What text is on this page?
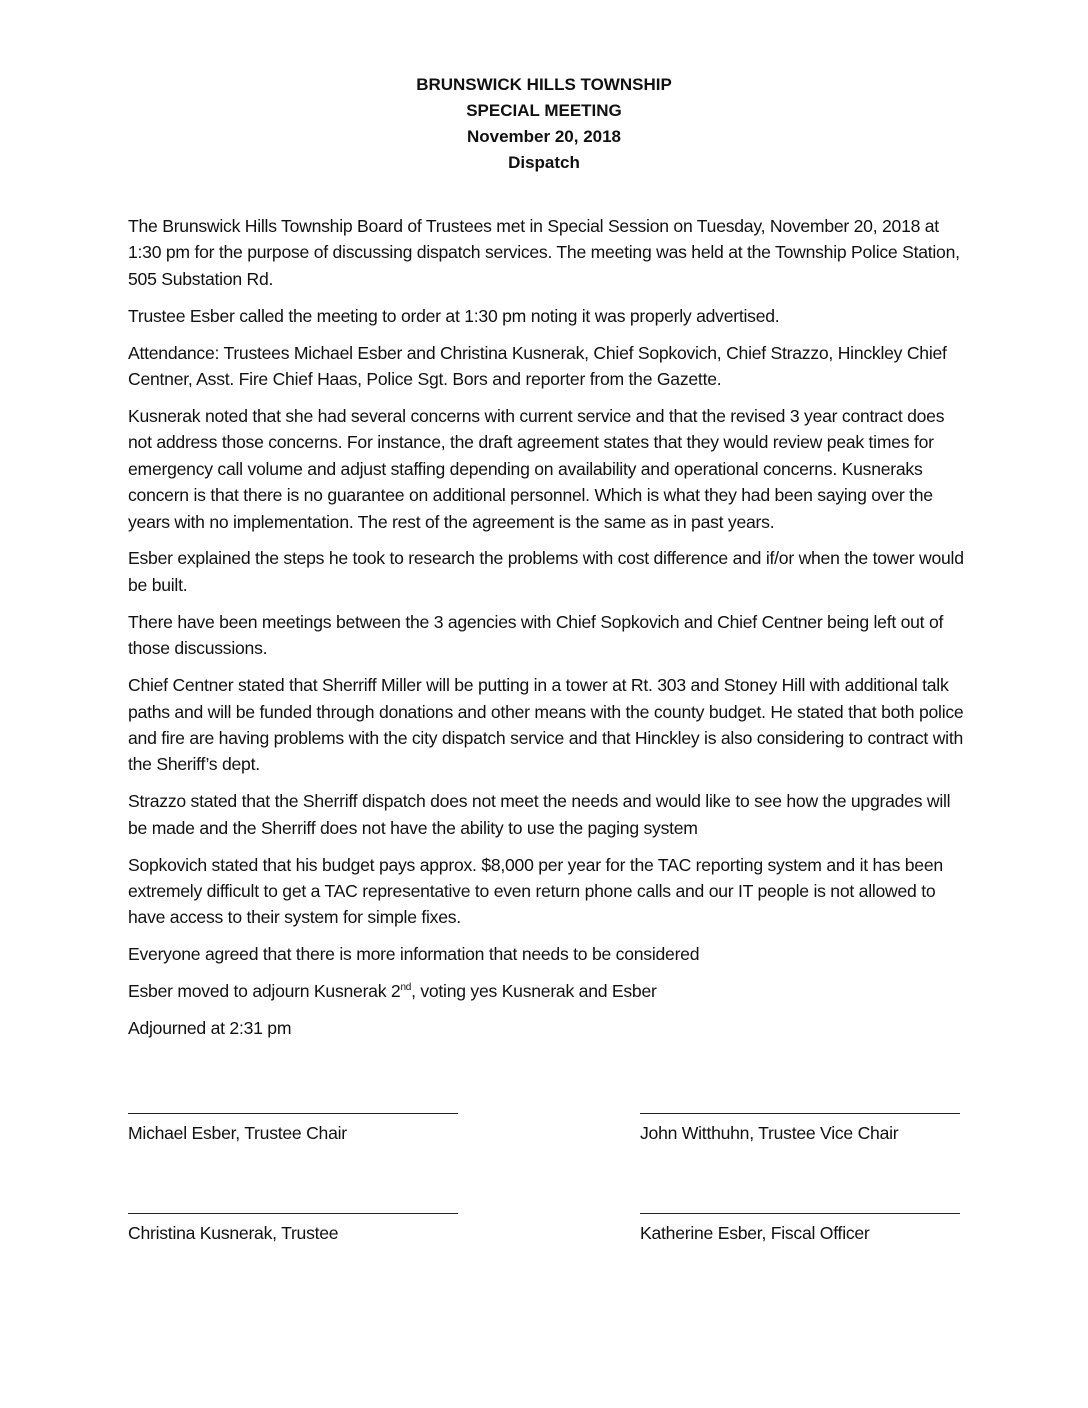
BRUNSWICK HILLS TOWNSHIP
SPECIAL MEETING
November 20, 2018
Dispatch

The Brunswick Hills Township Board of Trustees met in Special Session on Tuesday, November 20, 2018 at 1:30 pm for the purpose of discussing dispatch services. The meeting was held at the Township Police Station, 505 Substation Rd.

Trustee Esber called the meeting to order at 1:30 pm noting it was properly advertised.

Attendance: Trustees Michael Esber and Christina Kusnerak, Chief Sopkovich, Chief Strazzo, Hinckley Chief Centner, Asst. Fire Chief Haas, Police Sgt. Bors and reporter from the Gazette.

Kusnerak noted that she had several concerns with current service and that the revised 3 year contract does not address those concerns. For instance, the draft agreement states that they would review peak times for emergency call volume and adjust staffing depending on availability and operational concerns. Kusneraks concern is that there is no guarantee on additional personnel. Which is what they had been saying over the years with no implementation. The rest of the agreement is the same as in past years.

Esber explained the steps he took to research the problems with cost difference and if/or when the tower would be built.

There have been meetings between the 3 agencies with Chief Sopkovich and Chief Centner being left out of those discussions.

Chief Centner stated that Sherriff Miller will be putting in a tower at Rt. 303 and Stoney Hill with additional talk paths and will be funded through donations and other means with the county budget. He stated that both police and fire are having problems with the city dispatch service and that Hinckley is also considering to contract with the Sheriff’s dept.

Strazzo stated that the Sherriff dispatch does not meet the needs and would like to see how the upgrades will be made and the Sherriff does not have the ability to use the paging system

Sopkovich stated that his budget pays approx. $8,000 per year for the TAC reporting system and it has been extremely difficult to get a TAC representative to even return phone calls and our IT people is not allowed to have access to their system for simple fixes.

Everyone agreed that there is more information that needs to be considered

Esber moved to adjourn Kusnerak 2nd, voting yes Kusnerak and Esber

Adjourned at 2:31 pm

Michael Esber, Trustee Chair	John Witthuhn, Trustee Vice Chair
Christina Kusnerak, Trustee	Katherine Esber, Fiscal Officer
